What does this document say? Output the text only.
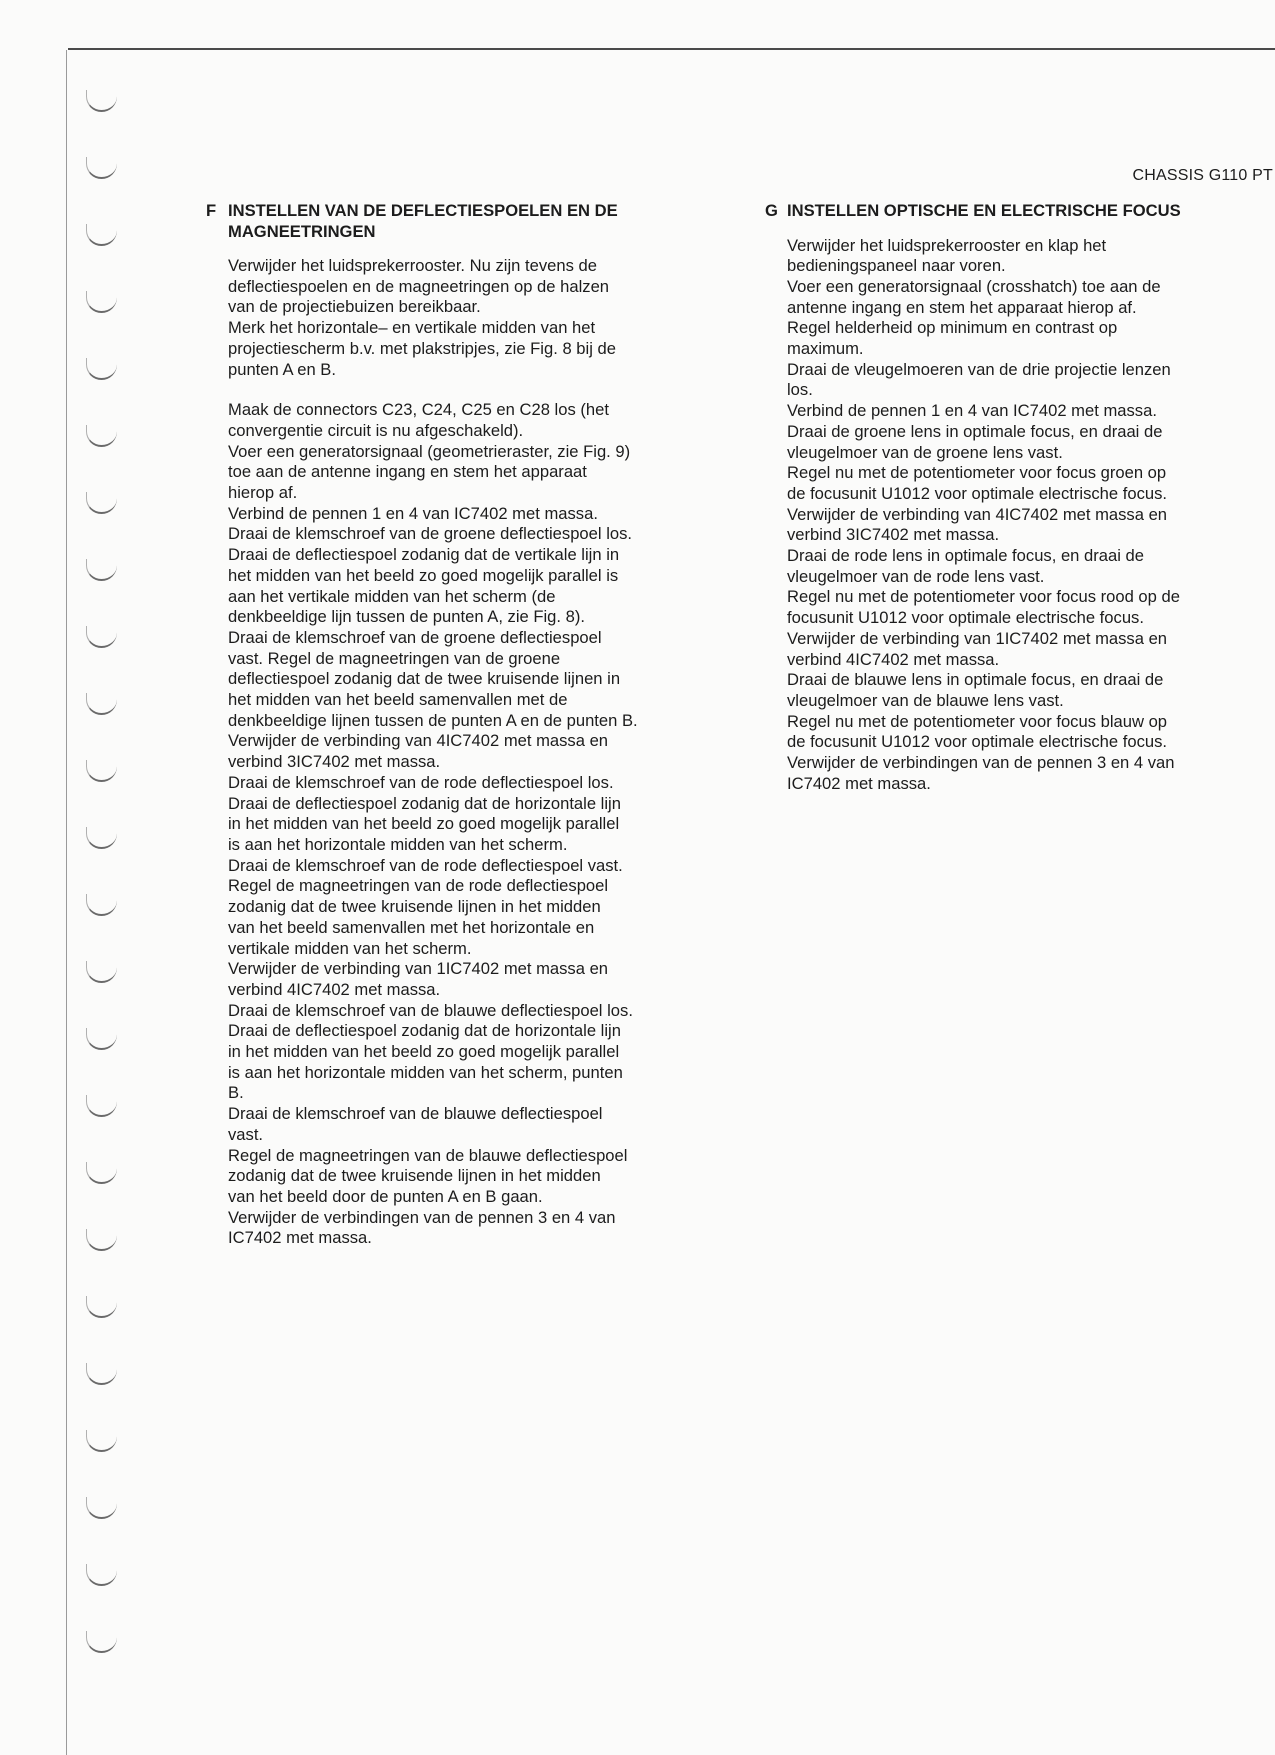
CHASSIS G110 PT
F INSTELLEN VAN DE DEFLECTIESPOELEN EN DE
MAGNEETRINGEN
Verwijder het luidsprekerrooster. Nu zijn tevens de
deflectiespoelen en de magneetringen op de halzen
van de projectiebuizen bereikbaar.
Merk het horizontale– en vertikale midden van het
projectiescherm b.v. met plakstripjes, zie Fig. 8 bij de
punten A en B.
Maak de connectors C23, C24, C25 en C28 los (het
convergentie circuit is nu afgeschakeld).
Voer een generatorsignaal (geometrieraster, zie Fig. 9)
toe aan de antenne ingang en stem het apparaat
hierop af.
Verbind de pennen 1 en 4 van IC7402 met massa.
Draai de klemschroef van de groene deflectiespoel los.
Draai de deflectiespoel zodanig dat de vertikale lijn in
het midden van het beeld zo goed mogelijk parallel is
aan het vertikale midden van het scherm (de
denkbeeldige lijn tussen de punten A, zie Fig. 8).
Draai de klemschroef van de groene deflectiespoel
vast. Regel de magneetringen van de groene
deflectiespoel zodanig dat de twee kruisende lijnen in
het midden van het beeld samenvallen met de
denkbeeldige lijnen tussen de punten A en de punten B.
Verwijder de verbinding van 4IC7402 met massa en
verbind 3IC7402 met massa.
Draai de klemschroef van de rode deflectiespoel los.
Draai de deflectiespoel zodanig dat de horizontale lijn
in het midden van het beeld zo goed mogelijk parallel
is aan het horizontale midden van het scherm.
Draai de klemschroef van de rode deflectiespoel vast.
Regel de magneetringen van de rode deflectiespoel
zodanig dat de twee kruisende lijnen in het midden
van het beeld samenvallen met het horizontale en
vertikale midden van het scherm.
Verwijder de verbinding van 1IC7402 met massa en
verbind 4IC7402 met massa.
Draai de klemschroef van de blauwe deflectiespoel los.
Draai de deflectiespoel zodanig dat de horizontale lijn
in het midden van het beeld zo goed mogelijk parallel
is aan het horizontale midden van het scherm, punten
B.
Draai de klemschroef van de blauwe deflectiespoel
vast.
Regel de magneetringen van de blauwe deflectiespoel
zodanig dat de twee kruisende lijnen in het midden
van het beeld door de punten A en B gaan.
Verwijder de verbindingen van de pennen 3 en 4 van
IC7402 met massa.
G INSTELLEN OPTISCHE EN ELECTRISCHE FOCUS
Verwijder het luidsprekerrooster en klap het
bedieningspaneel naar voren.
Voer een generatorsignaal (crosshatch) toe aan de
antenne ingang en stem het apparaat hierop af.
Regel helderheid op minimum en contrast op
maximum.
Draai de vleugelmoeren van de drie projectie lenzen
los.
Verbind de pennen 1 en 4 van IC7402 met massa.
Draai de groene lens in optimale focus, en draai de
vleugelmoer van de groene lens vast.
Regel nu met de potentiometer voor focus groen op
de focusunit U1012 voor optimale electrische focus.
Verwijder de verbinding van 4IC7402 met massa en
verbind 3IC7402 met massa.
Draai de rode lens in optimale focus, en draai de
vleugelmoer van de rode lens vast.
Regel nu met de potentiometer voor focus rood op de
focusunit U1012 voor optimale electrische focus.
Verwijder de verbinding van 1IC7402 met massa en
verbind 4IC7402 met massa.
Draai de blauwe lens in optimale focus, en draai de
vleugelmoer van de blauwe lens vast.
Regel nu met de potentiometer voor focus blauw op
de focusunit U1012 voor optimale electrische focus.
Verwijder de verbindingen van de pennen 3 en 4 van
IC7402 met massa.
